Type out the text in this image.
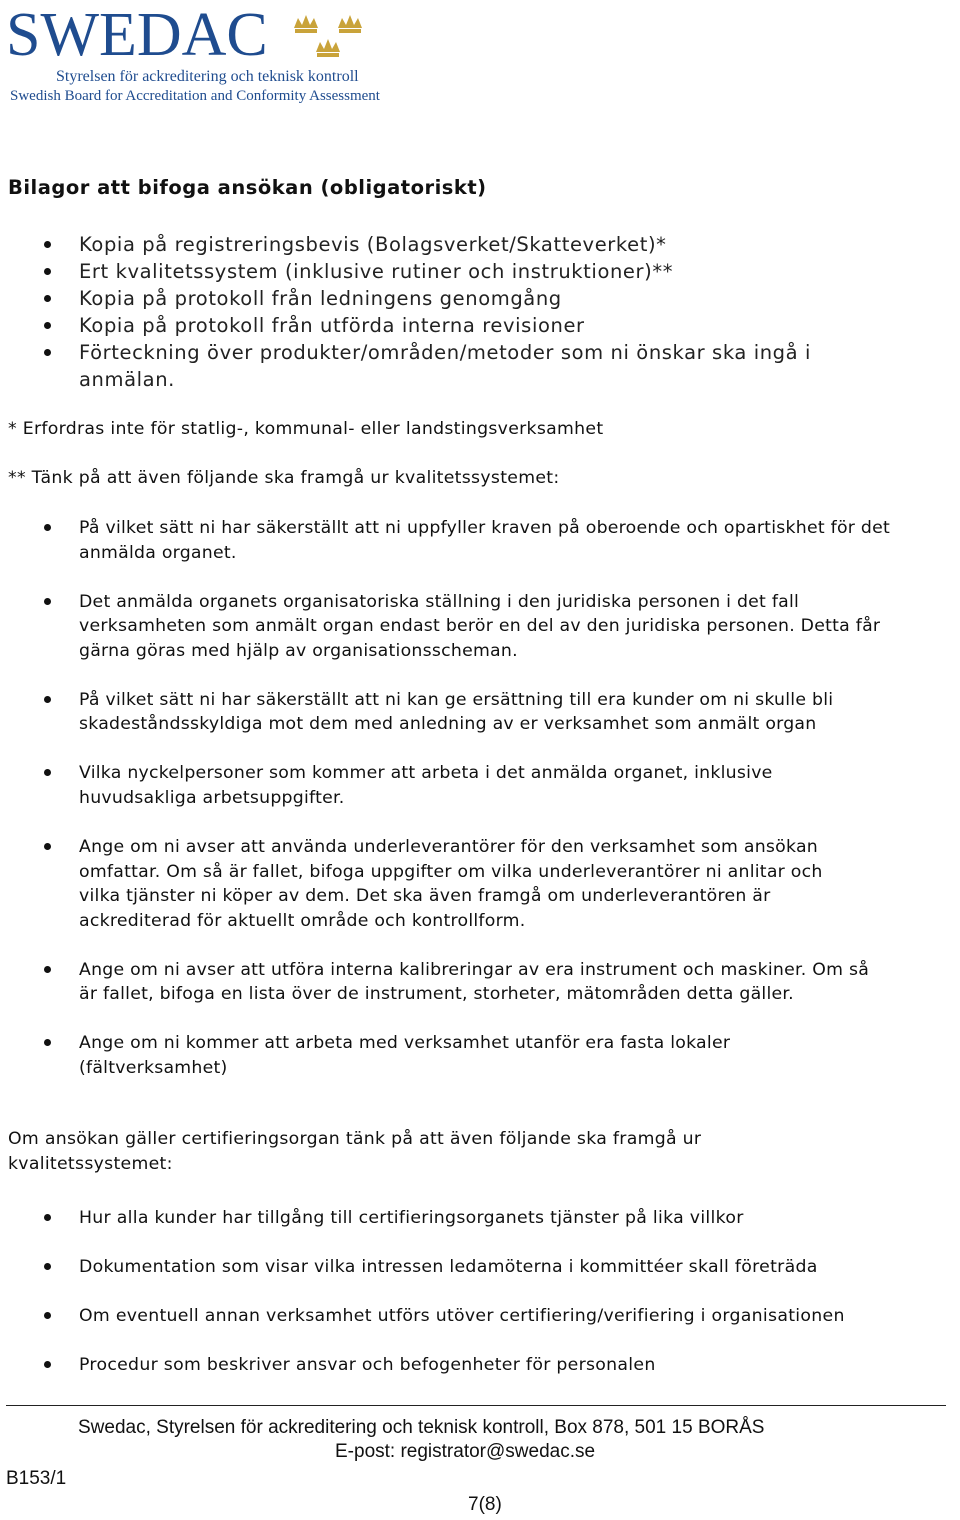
SWEDAC
Styrelsen för ackreditering och teknisk kontroll
Swedish Board for Accreditation and Conformity Assessment
Bilagor att bifoga ansökan (obligatoriskt)
Kopia på registreringsbevis (Bolagsverket/Skatteverket)*
Ert kvalitetssystem (inklusive rutiner och instruktioner)**
Kopia på protokoll från ledningens genomgång
Kopia på protokoll från utförda interna revisioner
Förteckning över produkter/områden/metoder som ni önskar ska ingå i anmälan.
* Erfordras inte för statlig-, kommunal- eller landstingsverksamhet
** Tänk på att även följande ska framgå ur kvalitetssystemet:
På vilket sätt ni har säkerställt att ni uppfyller kraven på oberoende och opartiskhet för det anmälda organet.
Det anmälda organets organisatoriska ställning i den juridiska personen i det fall verksamheten som anmält organ endast berör en del av den juridiska personen. Detta får gärna göras med hjälp av organisationsscheman.
På vilket sätt ni har säkerställt att ni kan ge ersättning till era kunder om ni skulle bli skadeståndsskyldiga mot dem med anledning av er verksamhet som anmält organ
Vilka nyckelpersoner som kommer att arbeta i det anmälda organet, inklusive huvudsakliga arbetsuppgifter.
Ange om ni avser att använda underleverantörer för den verksamhet som ansökan omfattar. Om så är fallet, bifoga uppgifter om vilka underleverantörer ni anlitar och vilka tjänster ni köper av dem. Det ska även framgå om underleverantören är ackrediterad för aktuellt område och kontrollform.
Ange om ni avser att utföra interna kalibreringar av era instrument och maskiner. Om så är fallet, bifoga en lista över de instrument, storheter, mätområden detta gäller.
Ange om ni kommer att arbeta med verksamhet utanför era fasta lokaler (fältverksamhet)
Om ansökan gäller certifieringsorgan tänk på att även följande ska framgå ur kvalitetssystemet:
Hur alla kunder har tillgång till certifieringsorganets tjänster på lika villkor
Dokumentation som visar vilka intressen ledamöterna i kommittéer skall företräda
Om eventuell annan verksamhet utförs utöver certifiering/verifiering i organisationen
Procedur som beskriver ansvar och befogenheter för personalen
Swedac, Styrelsen för ackreditering och teknisk kontroll, Box 878, 501 15 BORÅS
E-post: registrator@swedac.se
B153/1
7(8)
